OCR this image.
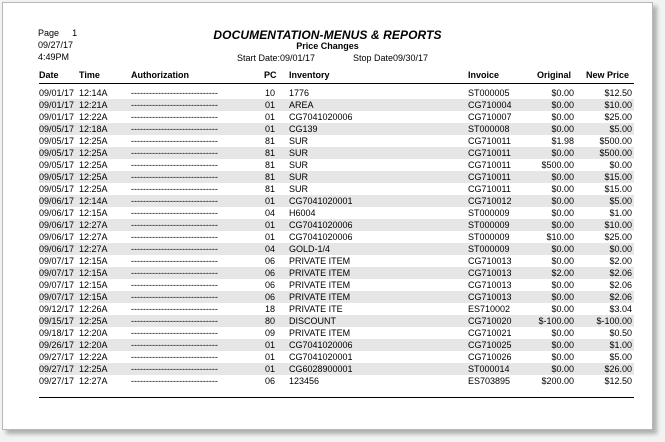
Page 1
09/27/17
4:49PM
DOCUMENTATION-MENUS & REPORTS
Price Changes
Start Date:09/01/17	Stop Date09/30/17
Date Time	Authorization	PC Inventory	Invoice	Original New Price
09/01/17 12:14A	-----------------------------	10 1776	ST000005	$0.00	$12.50
09/01/17 12:21A	-----------------------------	01 AREA	CG710004	$0.00	$10.00
09/01/17 12:22A	-----------------------------	01 CG7041020006	CG710007	$0.00	$25.00
09/05/17 12:18A	-----------------------------	01 CG139	ST000008	$0.00	$5.00
09/05/17 12:25A	-----------------------------	81 SUR	CG710011	$1.98	$500.00
09/05/17 12:25A	-----------------------------	81 SUR	CG710011	$0.00	$500.00
09/05/17 12:25A	-----------------------------	81 SUR	CG710011	$500.00	$0.00
09/05/17 12:25A	-----------------------------	81 SUR	CG710011	$0.00	$15.00
09/05/17 12:25A	-----------------------------	81 SUR	CG710011	$0.00	$15.00
09/06/17 12:14A	-----------------------------	01 CG7041020001	CG710012	$0.00	$5.00
09/06/17 12:15A	-----------------------------	04 H6004	ST000009	$0.00	$1.00
09/06/17 12:27A	-----------------------------	01 CG7041020006	ST000009	$0.00	$10.00
09/06/17 12:27A	-----------------------------	01 CG7041020006	ST000009	$10.00	$25.00
09/06/17 12:27A	-----------------------------	04 GOLD-1/4	ST000009	$0.00	$0.00
09/07/17 12:15A	-----------------------------	06 PRIVATE ITEM	CG710013	$0.00	$2.00
09/07/17 12:15A	-----------------------------	06 PRIVATE ITEM	CG710013	$2.00	$2.06
09/07/17 12:15A	-----------------------------	06 PRIVATE ITEM	CG710013	$0.00	$2.06
09/07/17 12:15A	-----------------------------	06 PRIVATE ITEM	CG710013	$0.00	$2.06
09/12/17 12:26A	-----------------------------	18 PRIVATE ITE	ES710002	$0.00	$3.04
09/15/17 12:25A	-----------------------------	80 DISCOUNT	CG710020	$-100.00 $-100.00
09/18/17 12:20A	-----------------------------	09 PRIVATE ITEM	CG710021	$0.00	$0.50
09/26/17 12:20A	-----------------------------	01 CG7041020006	CG710025	$0.00	$1.00
09/27/17 12:22A	-----------------------------	01 CG7041020001	CG710026	$0.00	$5.00
09/27/17 12:25A	-----------------------------	01 CG6028900001	ST000014	$0.00	$26.00
09/27/17 12:27A	-----------------------------	06 123456	ES703895	$200.00	$12.50
